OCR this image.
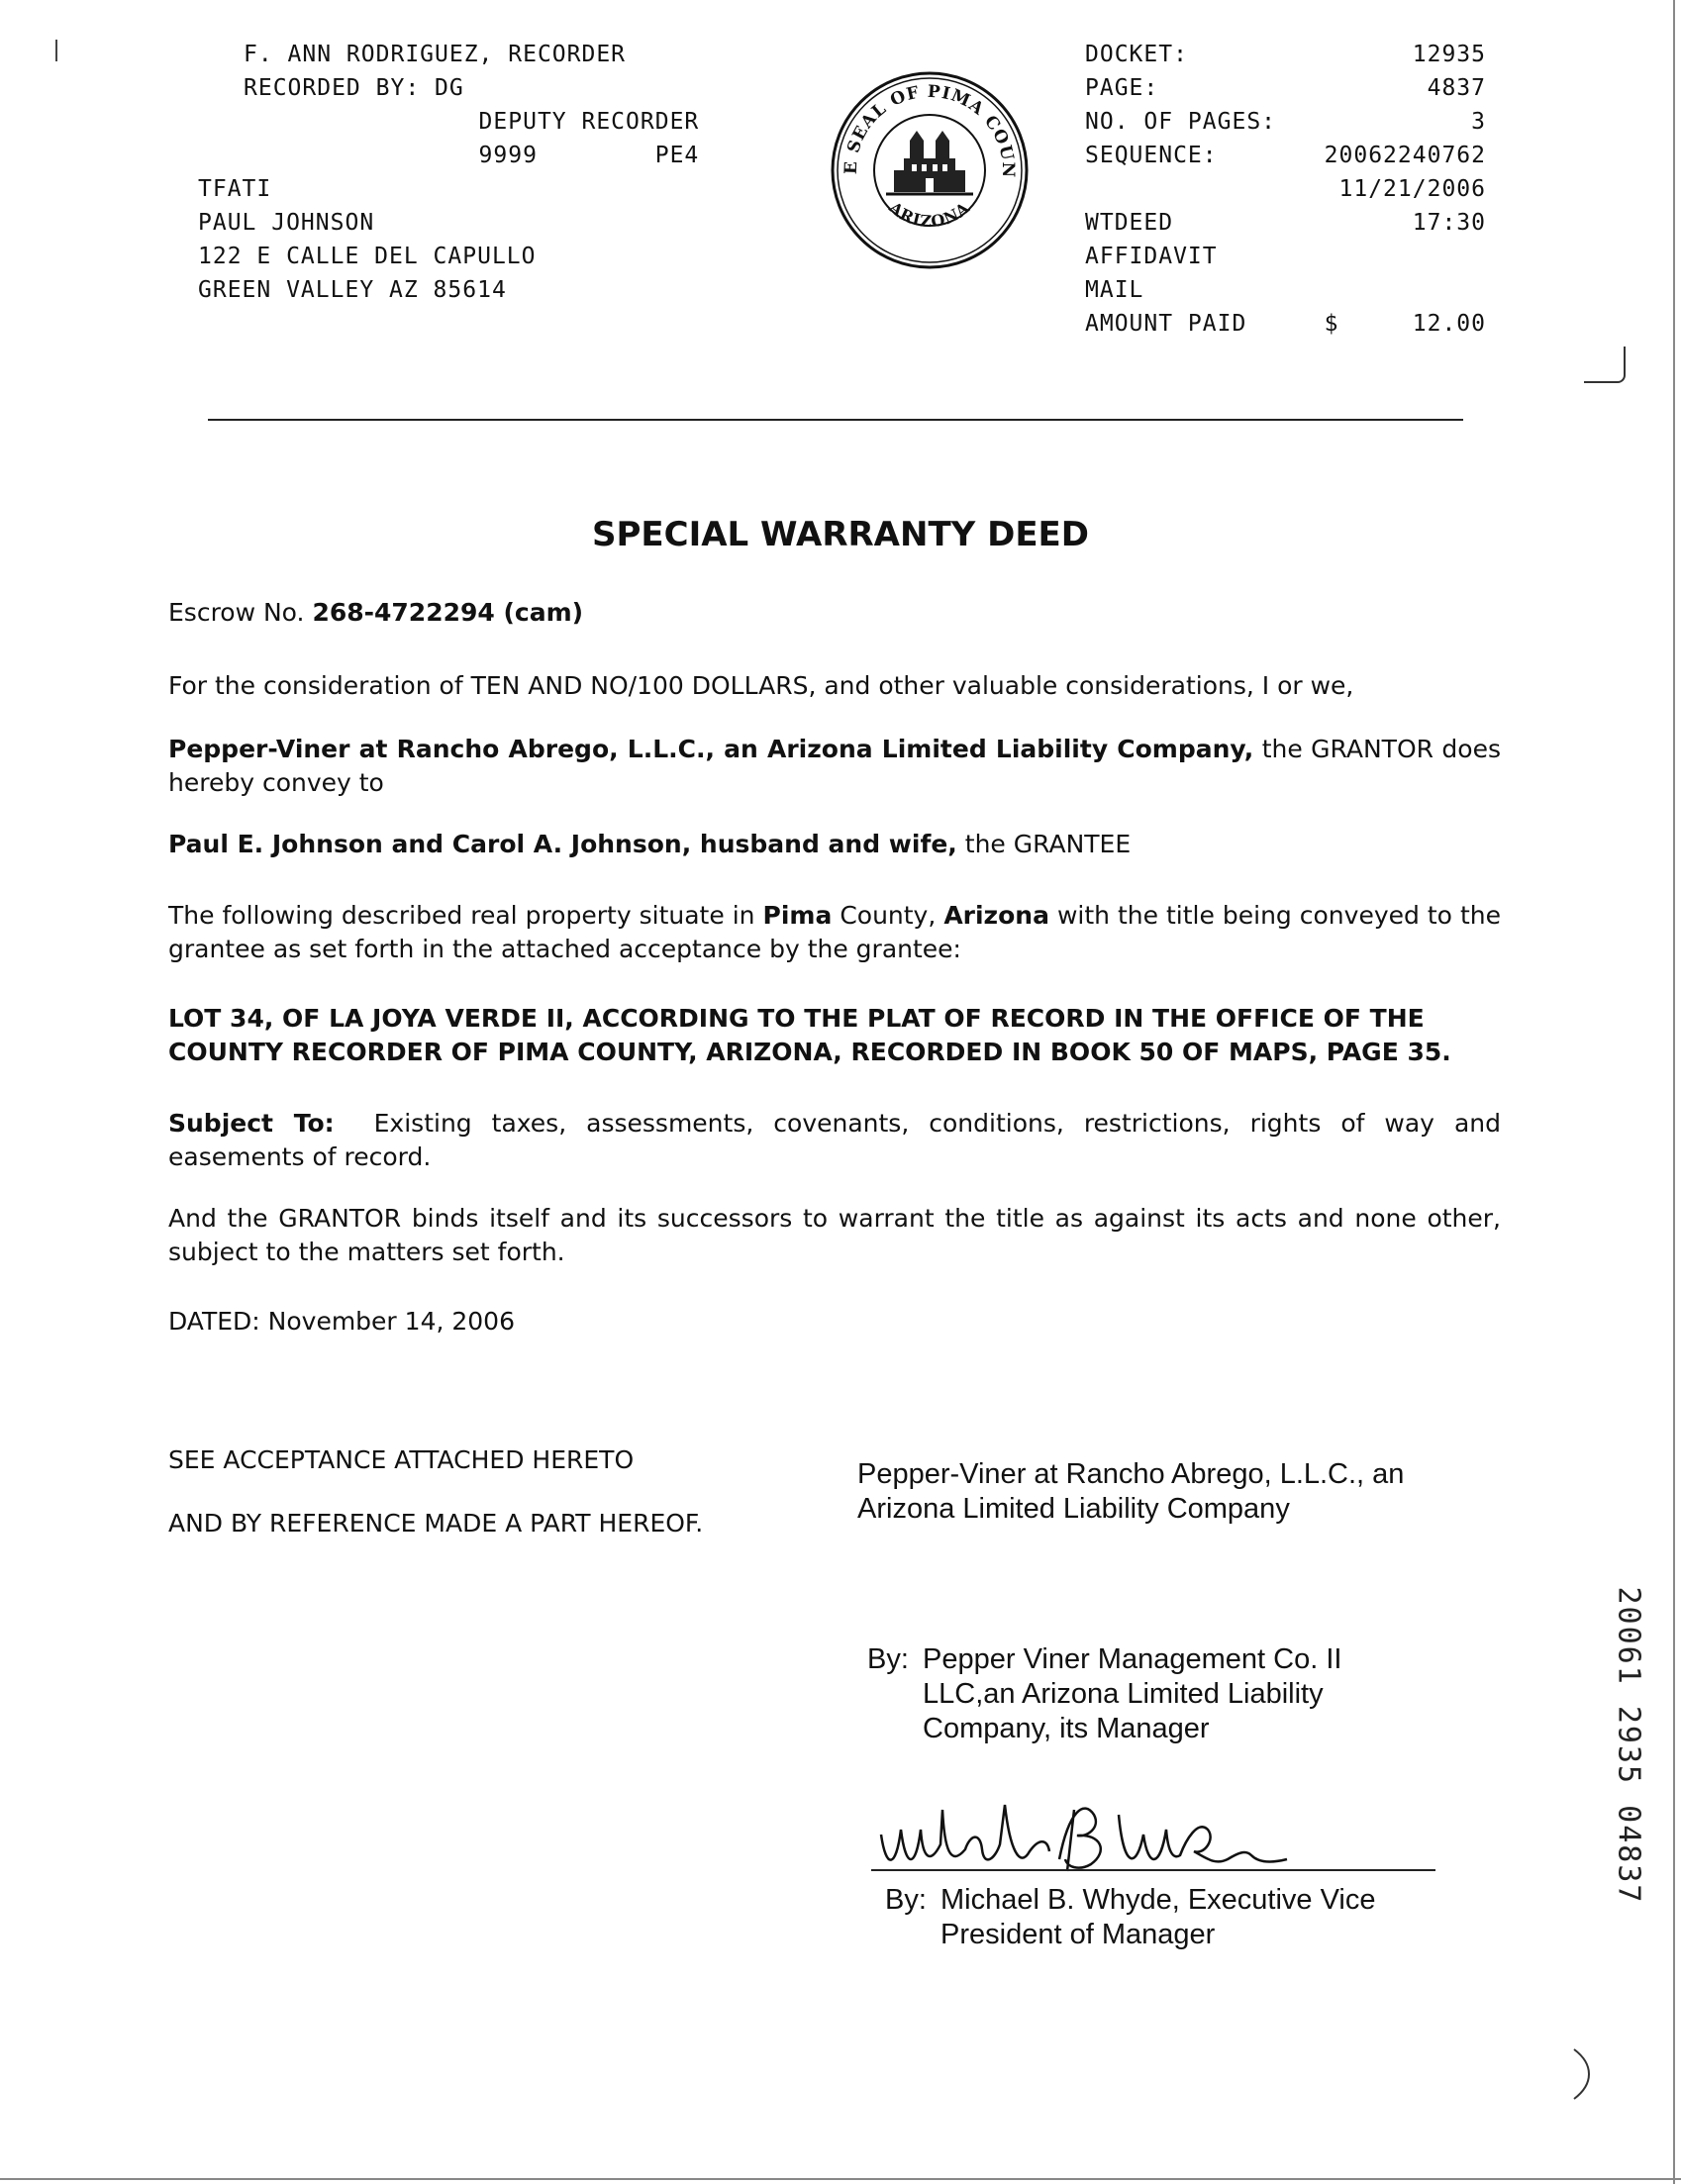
F. ANN RODRIGUEZ, RECORDER
RECORDED BY: DG
DEPUTY RECORDER
9999        PE4
TFATI
PAUL JOHNSON
122 E CALLE DEL CAPULLO
GREEN VALLEY AZ 85614
E SEAL OF PIMA COUN
ARIZONA
DOCKET:	12935
PAGE:	4837
NO. OF PAGES:	3
SEQUENCE:	20062240762
11/21/2006
WTDEED	17:30
AFFIDAVIT
MAIL
AMOUNT PAID	$     12.00
SPECIAL WARRANTY DEED
Escrow No. 268-4722294 (cam)
For the consideration of TEN AND NO/100 DOLLARS, and other valuable considerations, I or we,
Pepper-Viner at Rancho Abrego, L.L.C., an Arizona Limited Liability Company, the GRANTOR does hereby convey to
Paul E. Johnson and Carol A. Johnson, husband and wife, the GRANTEE
The following described real property situate in Pima County, Arizona with the title being conveyed to the grantee as set forth in the attached acceptance by the grantee:
LOT 34, OF LA JOYA VERDE II, ACCORDING TO THE PLAT OF RECORD IN THE OFFICE OF THE COUNTY RECORDER OF PIMA COUNTY, ARIZONA, RECORDED IN BOOK 50 OF MAPS, PAGE 35.
Subject To: Existing taxes, assessments, covenants, conditions, restrictions, rights of way and easements of record.
And the GRANTOR binds itself and its successors to warrant the title as against its acts and none other, subject to the matters set forth.
DATED: November 14, 2006
SEE ACCEPTANCE ATTACHED HERETO
AND BY REFERENCE MADE A PART HEREOF.
Pepper-Viner at Rancho Abrego, L.L.C., an
Arizona Limited Liability Company
By: Pepper Viner Management Co. II
LLC,an Arizona Limited Liability
Company, its Manager
By: Michael B. Whyde, Executive Vice
President of Manager
20061 2935 04837
